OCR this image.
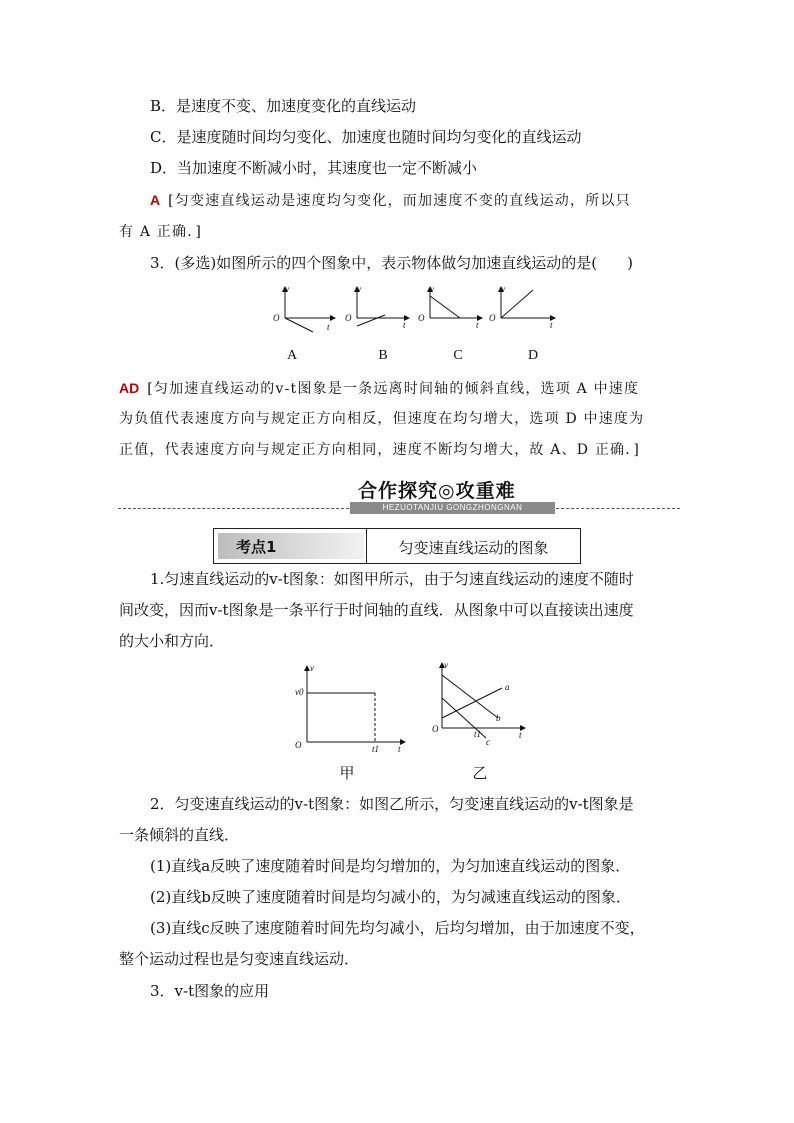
B．是速度不变、加速度变化的直线运动
C．是速度随时间均匀变化、加速度也随时间均匀变化的直线运动
D．当加速度不断减小时，其速度也一定不断减小
A [匀变速直线运动是速度均匀变化，而加速度不变的直线运动，所以只
有 A 正确．]
3．(多选)如图所示的四个图象中，表示物体做匀加速直线运动的是(　　)
v
O
t
v
O
t
v
O
t
v
O
t
A	B	C	D
AD [匀加速直线运动的v-t图象是一条远离时间轴的倾斜直线，选项 A 中速度
为负值代表速度方向与规定正方向相反，但速度在均匀增大，选项 D 中速度为
正值，代表速度方向与规定正方向相同，速度不断均匀增大，故 A、D 正确．]
合作探究◎攻重难
HEZUOTANJIU GONGZHONGNAN
考点1	匀变速直线运动的图象
1.匀速直线运动的v-t图象：如图甲所示，由于匀速直线运动的速度不随时
间改变，因而v-t图象是一条平行于时间轴的直线．从图象中可以直接读出速度
的大小和方向．
v
v0
O	t1 t
甲
v
O	t1	t
a
b
c
乙
2．匀变速直线运动的v-t图象：如图乙所示，匀变速直线运动的v-t图象是
一条倾斜的直线．
(1)直线a反映了速度随着时间是均匀增加的，为匀加速直线运动的图象．
(2)直线b反映了速度随着时间是均匀减小的，为匀减速直线运动的图象．
(3)直线c反映了速度随着时间先均匀减小，后均匀增加，由于加速度不变，
整个运动过程也是匀变速直线运动．
3．v-t图象的应用
